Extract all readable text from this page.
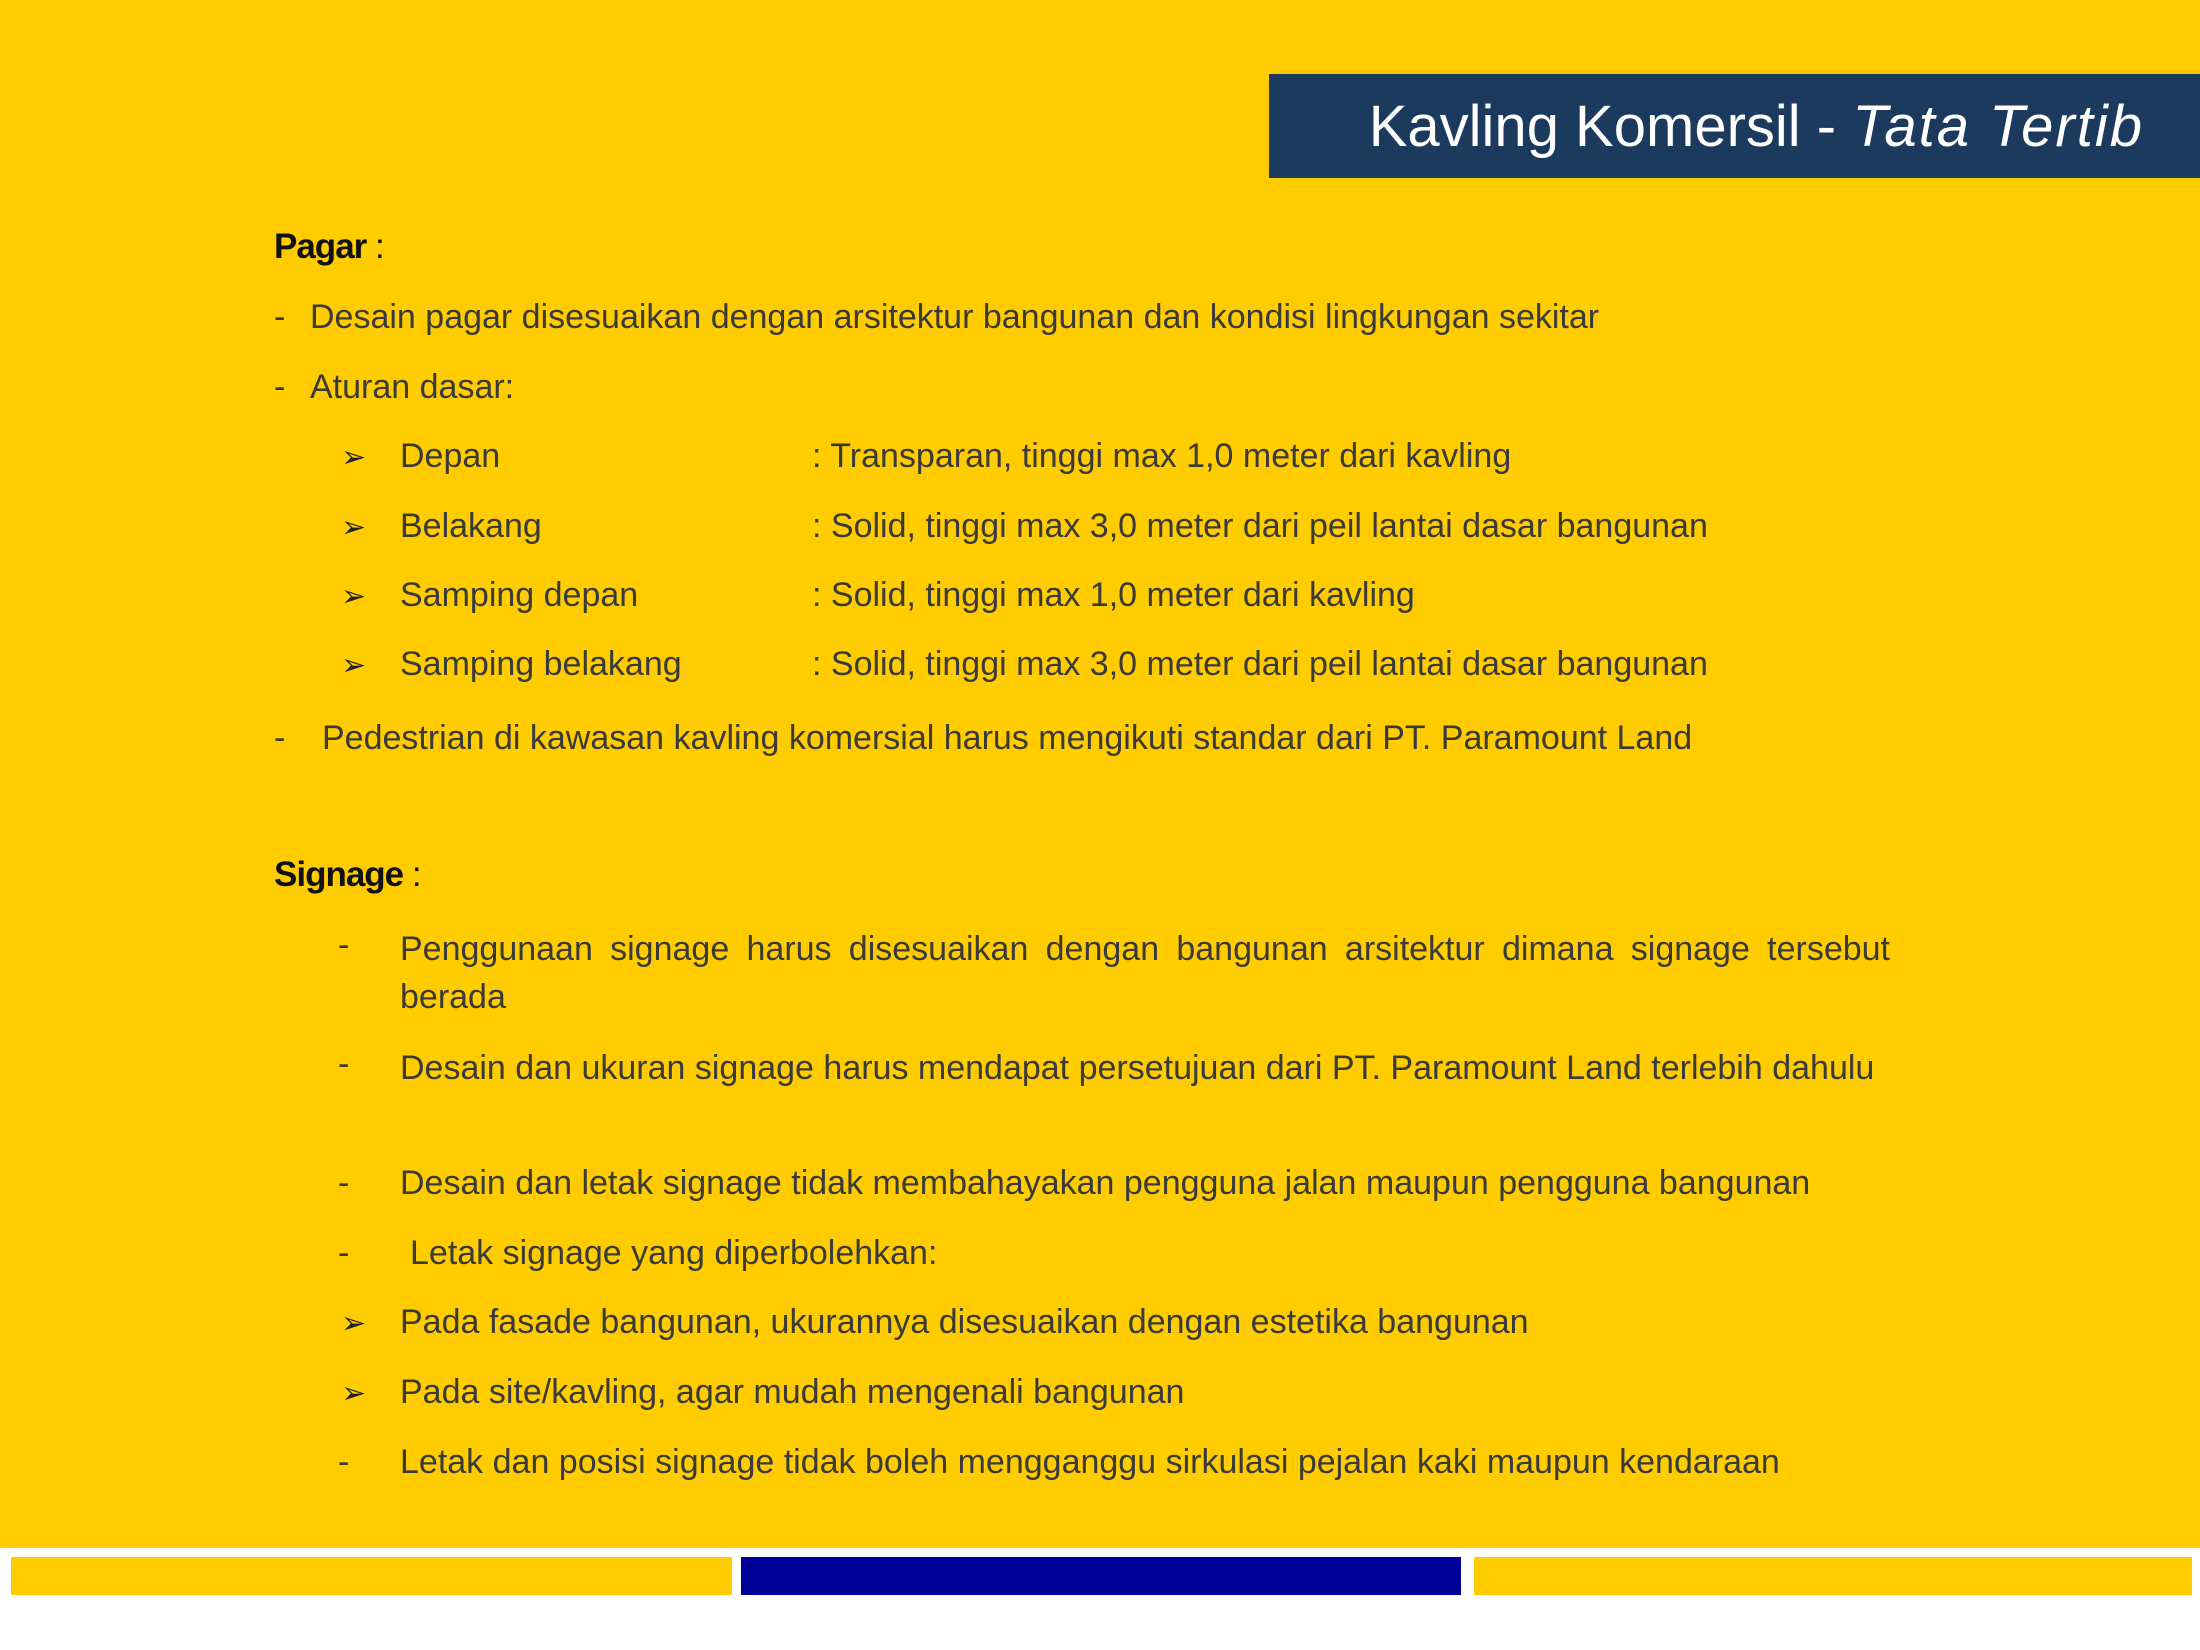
Kavling Komersil - Tata Tertib
Pagar :
- Desain pagar disesuaikan dengan arsitektur bangunan dan kondisi lingkungan sekitar
- Aturan dasar:
➢ Depan	: Transparan, tinggi max 1,0 meter dari kavling
➢ Belakang	: Solid, tinggi max 3,0 meter dari peil lantai dasar bangunan
➢ Samping depan	: Solid, tinggi max 1,0 meter dari kavling
➢ Samping belakang	: Solid, tinggi max 3,0 meter dari peil lantai dasar bangunan
- Pedestrian di kawasan kavling komersial harus mengikuti standar dari PT. Paramount Land
Signage :
- Penggunaan signage harus disesuaikan dengan bangunan arsitektur dimana signage tersebut berada
- Desain dan ukuran signage harus mendapat persetujuan dari PT. Paramount Land terlebih dahulu
- Desain dan letak signage tidak membahayakan pengguna jalan maupun pengguna bangunan
- Letak signage yang diperbolehkan:
➢ Pada fasade bangunan, ukurannya disesuaikan dengan estetika bangunan
➢ Pada site/kavling, agar mudah mengenali bangunan
- Letak dan posisi signage tidak boleh mengganggu sirkulasi pejalan kaki maupun kendaraan
